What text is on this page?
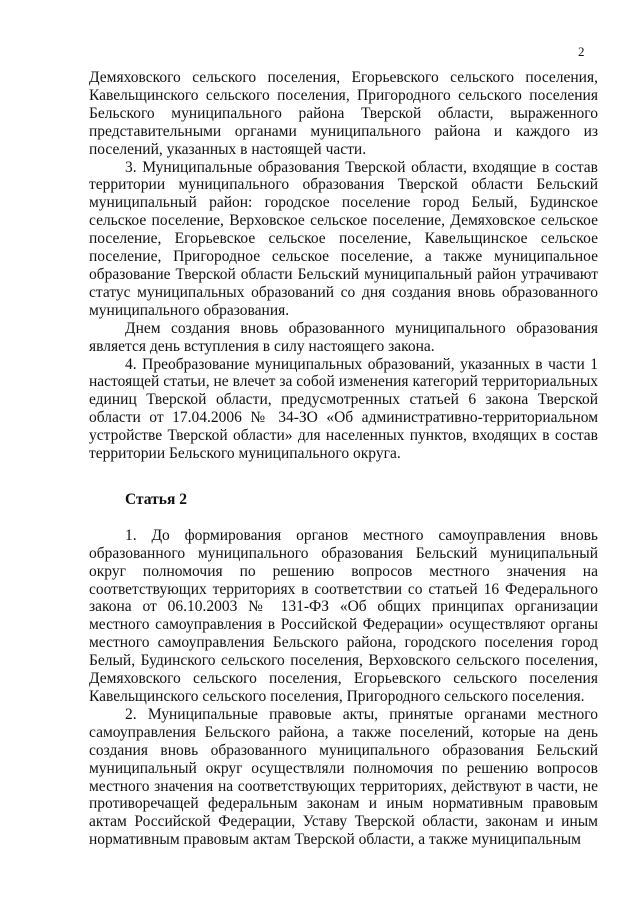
2

Демяховского сельского поселения, Егорьевского сельского поселения, Кавельщинского сельского поселения, Пригородного сельского поселения Бельского муниципального района Тверской области, выраженного представительными органами муниципального района и каждого из поселений, указанных в настоящей части.

3. Муниципальные образования Тверской области, входящие в состав территории муниципального образования Тверской области Бельский муниципальный район: городское поселение город Белый, Будинское сельское поселение, Верховское сельское поселение, Демяховское сельское поселение, Егорьевское сельское поселение, Кавельщинское сельское поселение, Пригородное сельское поселение, а также муниципальное образование Тверской области Бельский муниципальный район утрачивают статус муниципальных образований со дня создания вновь образованного муниципального образования.

Днем создания вновь образованного муниципального образования является день вступления в силу настоящего закона.

4. Преобразование муниципальных образований, указанных в части 1 настоящей статьи, не влечет за собой изменения категорий территориальных единиц Тверской области, предусмотренных статьей 6 закона Тверской области от 17.04.2006 № 34-ЗО «Об административно-территориальном устройстве Тверской области» для населенных пунктов, входящих в состав территории Бельского муниципального округа.

Статья 2

1. До формирования органов местного самоуправления вновь образованного муниципального образования Бельский муниципальный округ полномочия по решению вопросов местного значения на соответствующих территориях в соответствии со статьей 16 Федерального закона от 06.10.2003 № 131-ФЗ «Об общих принципах организации местного самоуправления в Российской Федерации» осуществляют органы местного самоуправления Бельского района, городского поселения город Белый, Будинского сельского поселения, Верховского сельского поселения, Демяховского сельского поселения, Егорьевского сельского поселения Кавельщинского сельского поселения, Пригородного сельского поселения.

2. Муниципальные правовые акты, принятые органами местного самоуправления Бельского района, а также поселений, которые на день создания вновь образованного муниципального образования Бельский муниципальный округ осуществляли полномочия по решению вопросов местного значения на соответствующих территориях, действуют в части, не противоречащей федеральным законам и иным нормативным правовым актам Российской Федерации, Уставу Тверской области, законам и иным нормативным правовым актам Тверской области, а также муниципальным
